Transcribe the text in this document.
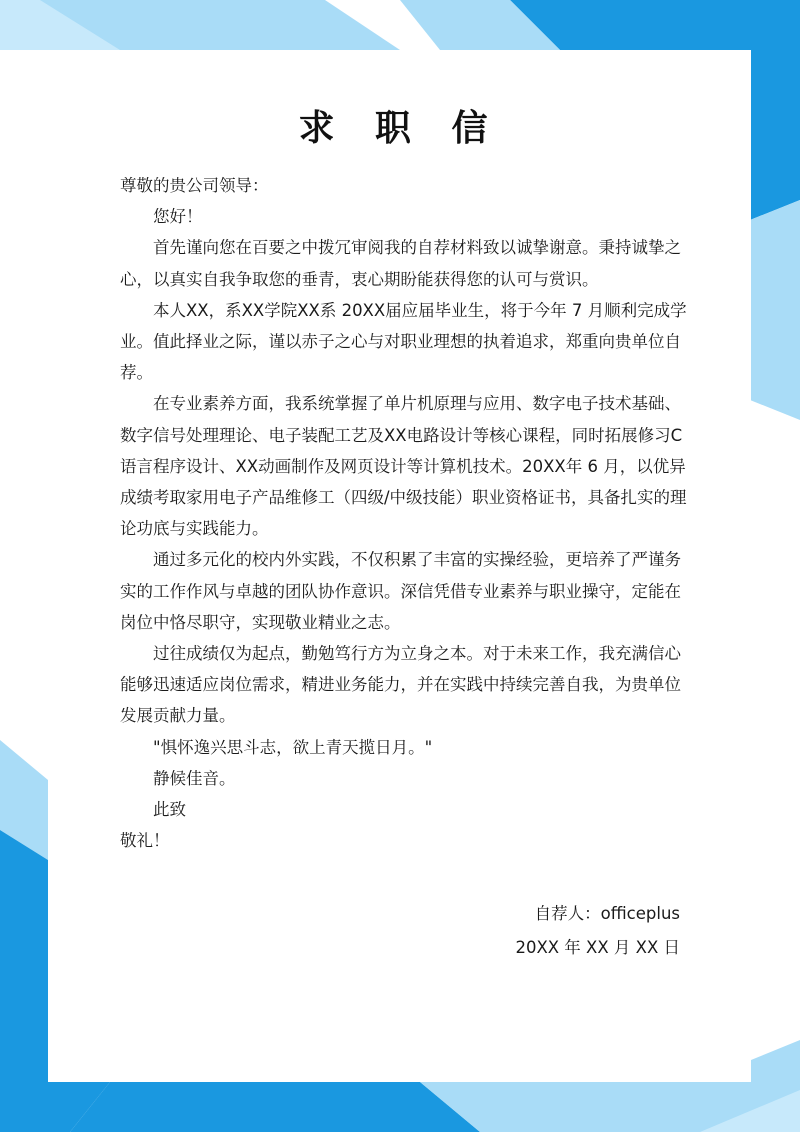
求 职 信

尊敬的贵公司领导：

您好！

首先谨向您在百要之中拨冗审阅我的自荐材料致以诚挚谢意。秉持诚挚之心，以真实自我争取您的垂青，衷心期盼能获得您的认可与赏识。

本人XX，系XX学院XX系 20XX届应届毕业生，将于今年 7 月顺利完成学业。值此择业之际，谨以赤子之心与对职业理想的执着追求，郑重向贵单位自荐。

在专业素养方面，我系统掌握了单片机原理与应用、数字电子技术基础、数字信号处理理论、电子装配工艺及XX电路设计等核心课程，同时拓展修习C语言程序设计、XX动画制作及网页设计等计算机技术。20XX年 6 月，以优异成绩考取家用电子产品维修工（四级/中级技能）职业资格证书，具备扎实的理论功底与实践能力。

通过多元化的校内外实践，不仅积累了丰富的实操经验，更培养了严谨务实的工作作风与卓越的团队协作意识。深信凭借专业素养与职业操守，定能在岗位中恪尽职守，实现敬业精业之志。

过往成绩仅为起点，勤勉笃行方为立身之本。对于未来工作，我充满信心能够迅速适应岗位需求，精进业务能力，并在实践中持续完善自我，为贵单位发展贡献力量。

"惧怀逸兴思斗志，欲上青天揽日月。"

静候佳音。

此致

敬礼！

自荐人：officeplus
20XX 年 XX 月 XX 日
